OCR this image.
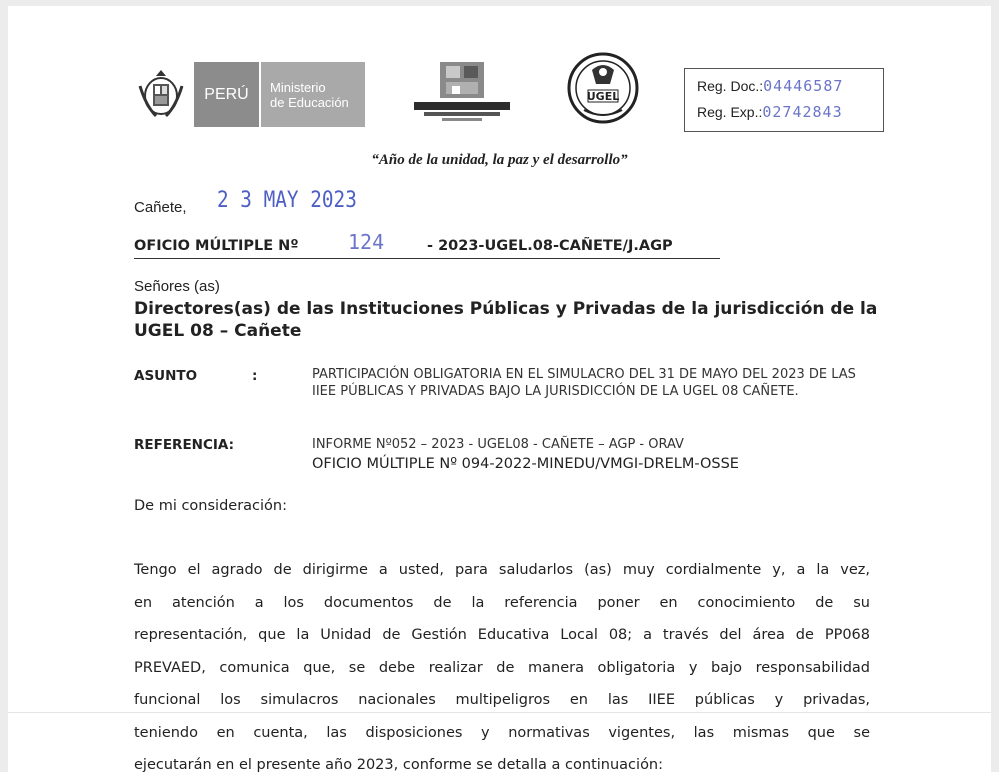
PERÚ Ministerio
de Educación	UGEL
Reg. Doc.:04446587
Reg. Exp.:02742843
“Año de la unidad, la paz y el desarrollo”
Cañete, 2 3 MAY 2023
OFICIO MÚLTIPLE Nº 124	- 2023-UGEL.08-CAÑETE/J.AGP
Señores (as)
Directores(as) de las Instituciones Públicas y Privadas de la jurisdicción de la UGEL 08 – Cañete
ASUNTO	:	PARTICIPACIÓN OBLIGATORIA EN EL SIMULACRO DEL 31 DE MAYO DEL 2023 DE LAS IIEE PÚBLICAS Y PRIVADAS BAJO LA JURISDICCIÓN DE LA UGEL 08 CAÑETE.
REFERENCIA:	INFORME Nº052 – 2023 - UGEL08 - CAÑETE – AGP - ORAV
OFICIO MÚLTIPLE Nº 094-2022-MINEDU/VMGI-DRELM-OSSE
De mi consideración:
Tengo el agrado de dirigirme a usted, para saludarlos (as) muy cordialmente y, a la vez,
en atención a los documentos de la referencia poner en conocimiento de su
representación, que la Unidad de Gestión Educativa Local 08; a través del área de PP068
PREVAED, comunica que, se debe realizar de manera obligatoria y bajo responsabilidad
funcional los simulacros nacionales multipeligros en las IIEE públicas y privadas,
teniendo en cuenta, las disposiciones y normativas vigentes, las mismas que se
ejecutarán en el presente año 2023, conforme se detalla a continuación:
